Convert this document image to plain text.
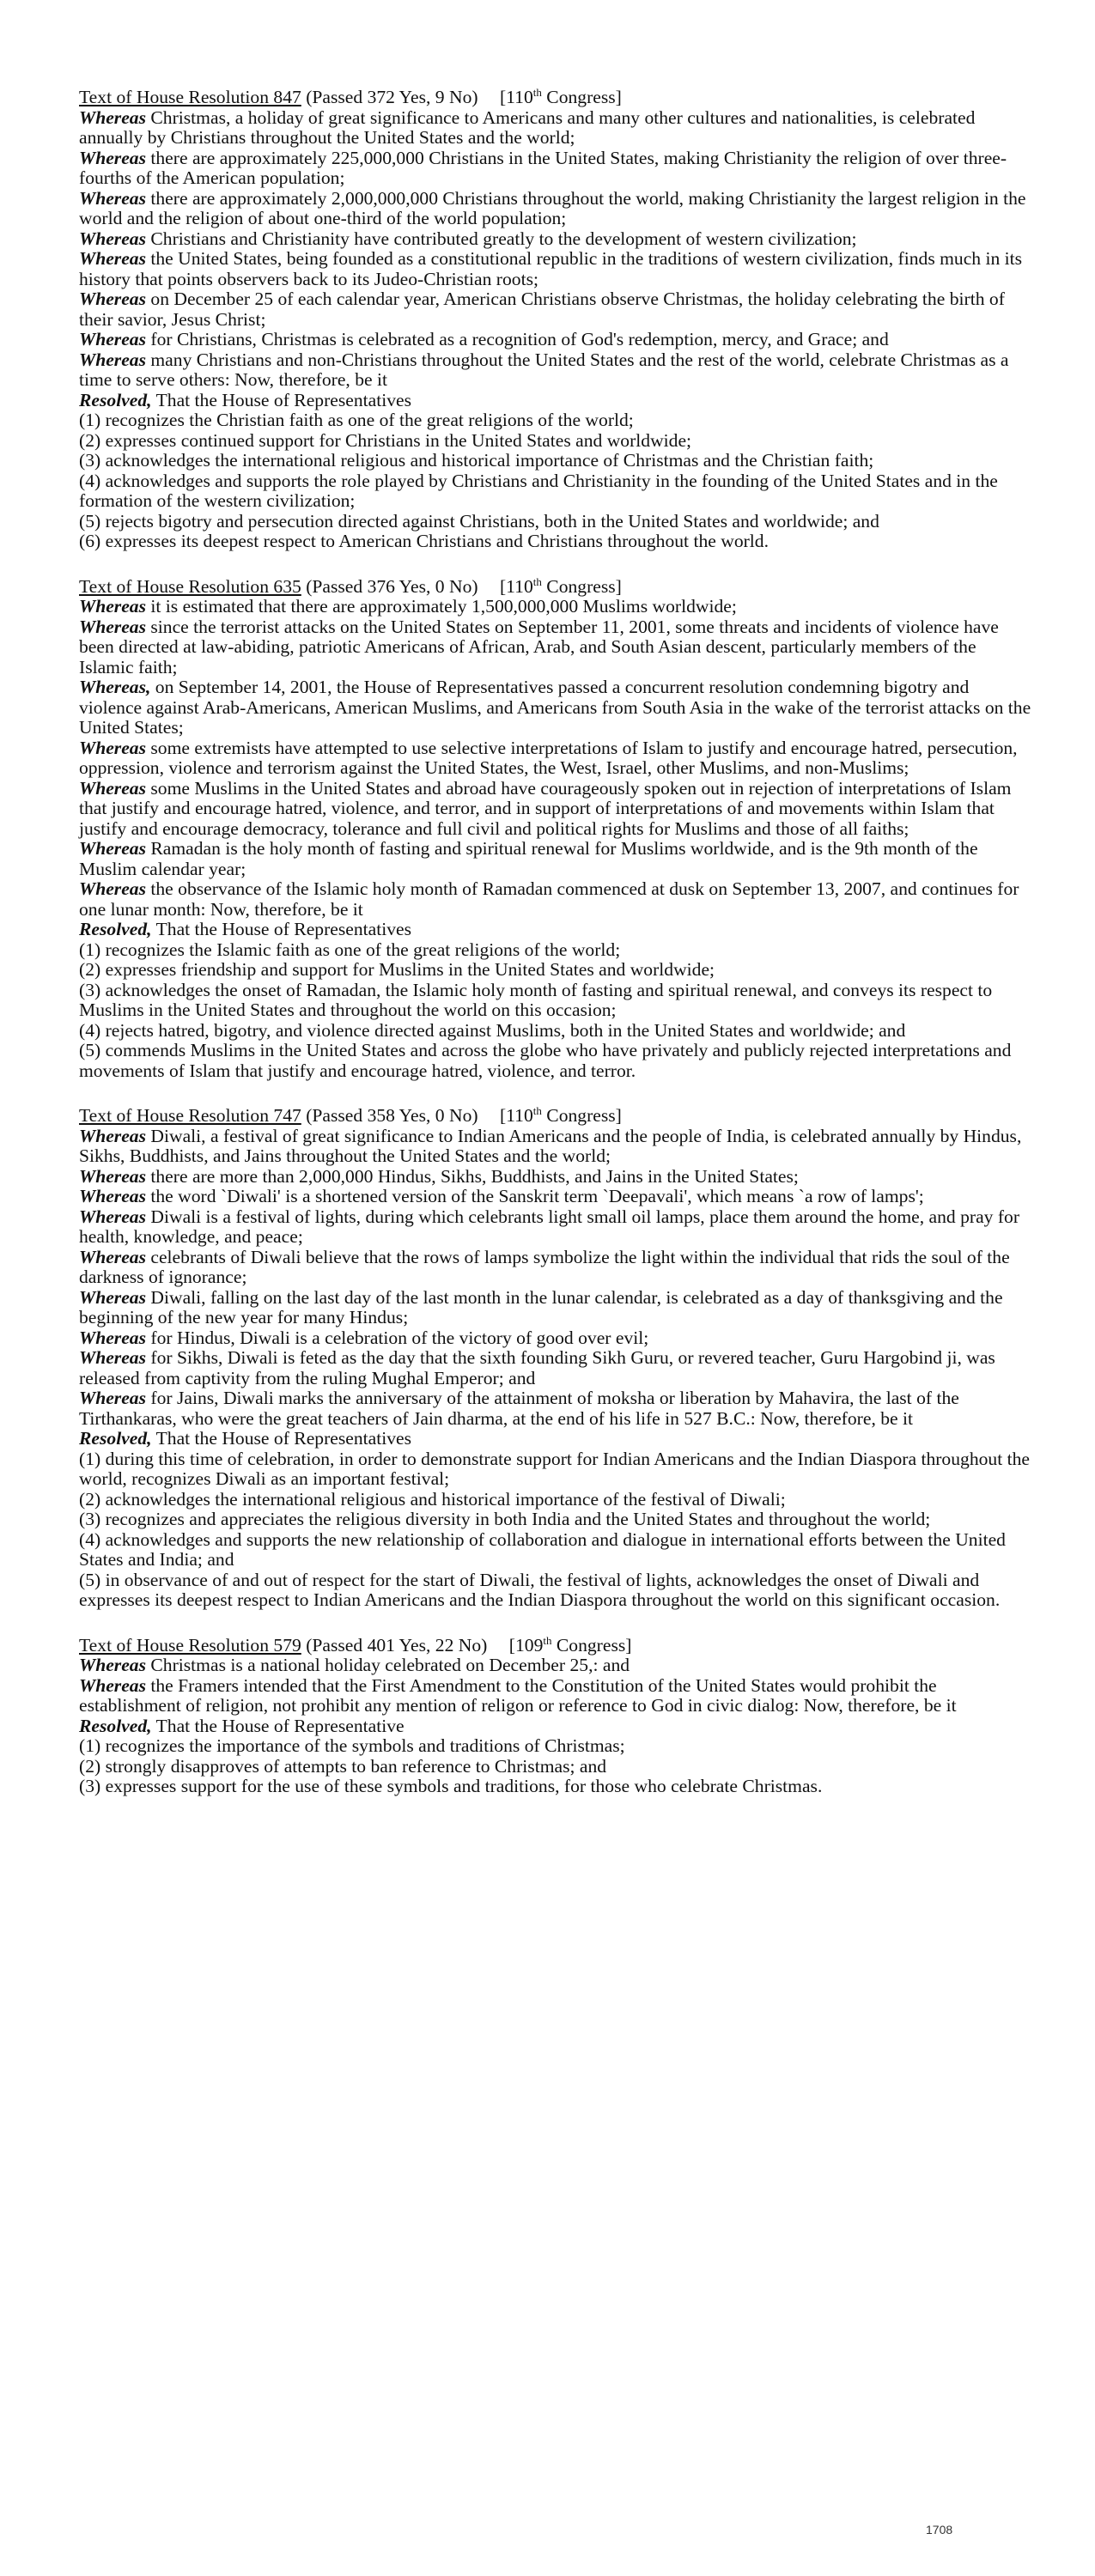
Text of House Resolution 847 (Passed 372 Yes, 9 No) [110th Congress]

Whereas Christmas, a holiday of great significance to Americans and many other cultures and nationalities, is celebrated annually by Christians throughout the United States and the world;

Whereas there are approximately 225,000,000 Christians in the United States, making Christianity the religion of over three-fourths of the American population;

Whereas there are approximately 2,000,000,000 Christians throughout the world, making Christianity the largest religion in the world and the religion of about one-third of the world population;

Whereas Christians and Christianity have contributed greatly to the development of western civilization;

Whereas the United States, being founded as a constitutional republic in the traditions of western civilization, finds much in its history that points observers back to its Judeo-Christian roots;

Whereas on December 25 of each calendar year, American Christians observe Christmas, the holiday celebrating the birth of their savior, Jesus Christ;

Whereas for Christians, Christmas is celebrated as a recognition of God's redemption, mercy, and Grace; and

Whereas many Christians and non-Christians throughout the United States and the rest of the world, celebrate Christmas as a time to serve others: Now, therefore, be it

Resolved, That the House of Representatives

(1) recognizes the Christian faith as one of the great religions of the world;

(2) expresses continued support for Christians in the United States and worldwide;

(3) acknowledges the international religious and historical importance of Christmas and the Christian faith;

(4) acknowledges and supports the role played by Christians and Christianity in the founding of the United States and in the formation of the western civilization;

(5) rejects bigotry and persecution directed against Christians, both in the United States and worldwide; and

(6) expresses its deepest respect to American Christians and Christians throughout the world.

Text of House Resolution 635 (Passed 376 Yes, 0 No) [110th Congress]

Whereas it is estimated that there are approximately 1,500,000,000 Muslims worldwide;

Whereas since the terrorist attacks on the United States on September 11, 2001, some threats and incidents of violence have been directed at law-abiding, patriotic Americans of African, Arab, and South Asian descent, particularly members of the Islamic faith;

Whereas, on September 14, 2001, the House of Representatives passed a concurrent resolution condemning bigotry and violence against Arab-Americans, American Muslims, and Americans from South Asia in the wake of the terrorist attacks on the United States;

Whereas some extremists have attempted to use selective interpretations of Islam to justify and encourage hatred, persecution, oppression, violence and terrorism against the United States, the West, Israel, other Muslims, and non-Muslims;

Whereas some Muslims in the United States and abroad have courageously spoken out in rejection of interpretations of Islam that justify and encourage hatred, violence, and terror, and in support of interpretations of and movements within Islam that justify and encourage democracy, tolerance and full civil and political rights for Muslims and those of all faiths;

Whereas Ramadan is the holy month of fasting and spiritual renewal for Muslims worldwide, and is the 9th month of the Muslim calendar year;

Whereas the observance of the Islamic holy month of Ramadan commenced at dusk on September 13, 2007, and continues for one lunar month: Now, therefore, be it

Resolved, That the House of Representatives

(1) recognizes the Islamic faith as one of the great religions of the world;

(2) expresses friendship and support for Muslims in the United States and worldwide;

(3) acknowledges the onset of Ramadan, the Islamic holy month of fasting and spiritual renewal, and conveys its respect to Muslims in the United States and throughout the world on this occasion;

(4) rejects hatred, bigotry, and violence directed against Muslims, both in the United States and worldwide; and

(5) commends Muslims in the United States and across the globe who have privately and publicly rejected interpretations and movements of Islam that justify and encourage hatred, violence, and terror.

Text of House Resolution 747 (Passed 358 Yes, 0 No) [110th Congress]

Whereas Diwali, a festival of great significance to Indian Americans and the people of India, is celebrated annually by Hindus, Sikhs, Buddhists, and Jains throughout the United States and the world;

Whereas there are more than 2,000,000 Hindus, Sikhs, Buddhists, and Jains in the United States;

Whereas the word `Diwali' is a shortened version of the Sanskrit term `Deepavali', which means `a row of lamps';

Whereas Diwali is a festival of lights, during which celebrants light small oil lamps, place them around the home, and pray for health, knowledge, and peace;

Whereas celebrants of Diwali believe that the rows of lamps symbolize the light within the individual that rids the soul of the darkness of ignorance;

Whereas Diwali, falling on the last day of the last month in the lunar calendar, is celebrated as a day of thanksgiving and the beginning of the new year for many Hindus;

Whereas for Hindus, Diwali is a celebration of the victory of good over evil;

Whereas for Sikhs, Diwali is feted as the day that the sixth founding Sikh Guru, or revered teacher, Guru Hargobind ji, was released from captivity from the ruling Mughal Emperor; and

Whereas for Jains, Diwali marks the anniversary of the attainment of moksha or liberation by Mahavira, the last of the Tirthankaras, who were the great teachers of Jain dharma, at the end of his life in 527 B.C.: Now, therefore, be it

Resolved, That the House of Representatives

(1) during this time of celebration, in order to demonstrate support for Indian Americans and the Indian Diaspora throughout the world, recognizes Diwali as an important festival;

(2) acknowledges the international religious and historical importance of the festival of Diwali;

(3) recognizes and appreciates the religious diversity in both India and the United States and throughout the world;

(4) acknowledges and supports the new relationship of collaboration and dialogue in international efforts between the United States and India; and

(5) in observance of and out of respect for the start of Diwali, the festival of lights, acknowledges the onset of Diwali and expresses its deepest respect to Indian Americans and the Indian Diaspora throughout the world on this significant occasion.

Text of House Resolution 579 (Passed 401 Yes, 22 No) [109th Congress]

Whereas Christmas is a national holiday celebrated on December 25,: and

Whereas the Framers intended that the First Amendment to the Constitution of the United States would prohibit the establishment of religion, not prohibit any mention of religon or reference to God in civic dialog: Now, therefore, be it

Resolved, That the House of Representative

(1) recognizes the importance of the symbols and traditions of Christmas;

(2) strongly disapproves of attempts to ban reference to Christmas; and

(3) expresses support for the use of these symbols and traditions, for those who celebrate Christmas.

1708
